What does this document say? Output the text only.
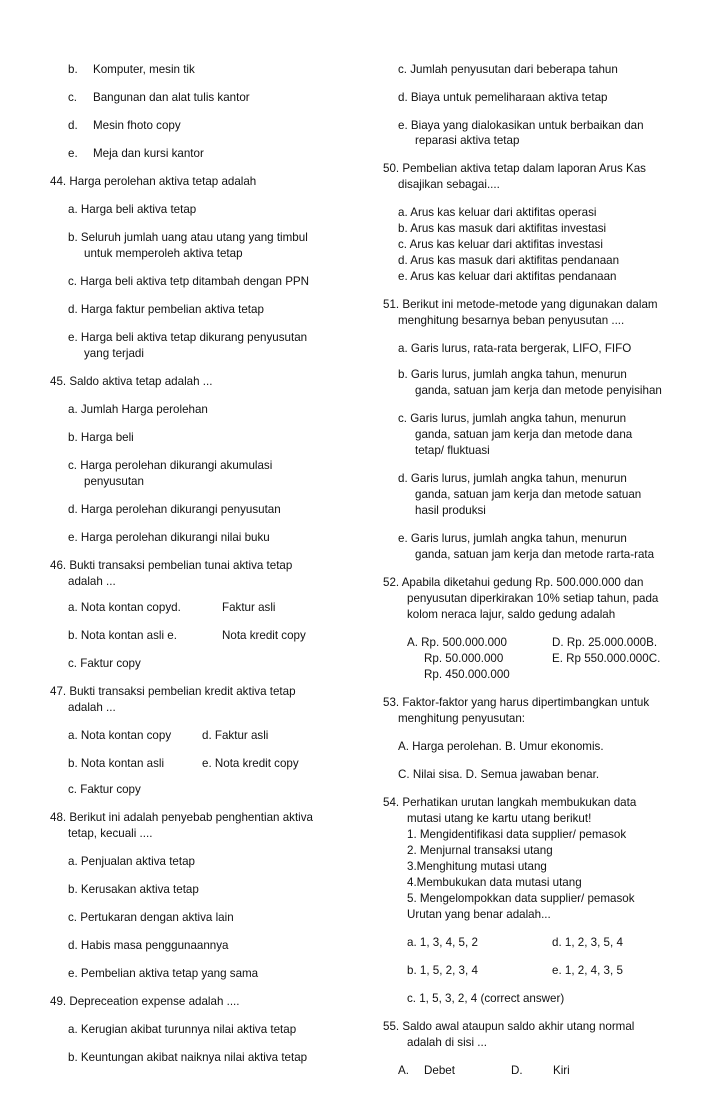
b. Komputer, mesin tik
c. Bangunan dan alat tulis kantor
d. Mesin fhoto copy
e. Meja dan kursi kantor
44. Harga perolehan aktiva tetap adalah
a. Harga beli aktiva tetap
b. Seluruh jumlah uang atau utang yang timbul
untuk memperoleh aktiva tetap
c. Harga beli aktiva tetp ditambah dengan PPN
d. Harga faktur pembelian aktiva tetap
e. Harga beli aktiva tetap dikurang penyusutan
yang terjadi
45. Saldo aktiva tetap adalah ...
a. Jumlah Harga perolehan
b. Harga beli
c. Harga perolehan dikurangi akumulasi
penyusutan
d. Harga perolehan dikurangi penyusutan
e. Harga perolehan dikurangi nilai buku
46. Bukti transaksi pembelian tunai aktiva tetap
adalah ...
a. Nota kontan copyd.	Faktur asli
b. Nota kontan asli e.	Nota kredit copy
c. Faktur copy
47. Bukti transaksi pembelian kredit aktiva tetap
adalah ...
a. Nota kontan copy	d. Faktur asli
b. Nota kontan asli	e. Nota kredit copy
c. Faktur copy
48. Berikut ini adalah penyebab penghentian aktiva
tetap, kecuali ....
a. Penjualan aktiva tetap
b. Kerusakan aktiva tetap
c. Pertukaran dengan aktiva lain
d. Habis masa penggunaannya
e. Pembelian aktiva tetap yang sama
49. Depreceation expense adalah ....
a. Kerugian akibat turunnya nilai aktiva tetap
b. Keuntungan akibat naiknya nilai aktiva tetap
c. Jumlah penyusutan dari beberapa tahun
d. Biaya untuk pemeliharaan aktiva tetap
e. Biaya yang dialokasikan untuk berbaikan dan
reparasi aktiva tetap
50. Pembelian aktiva tetap dalam laporan Arus Kas
disajikan sebagai....
a. Arus kas keluar dari aktifitas operasi
b. Arus kas masuk dari aktifitas investasi
c. Arus kas keluar dari aktifitas investasi
d. Arus kas masuk dari aktifitas pendanaan
e. Arus kas keluar dari aktifitas pendanaan
51. Berikut ini metode-metode yang digunakan dalam
menghitung besarnya beban penyusutan ....
a. Garis lurus, rata-rata bergerak, LIFO, FIFO
b. Garis lurus, jumlah angka tahun, menurun
ganda, satuan jam kerja dan metode penyisihan
c. Garis lurus, jumlah angka tahun, menurun
ganda, satuan jam kerja dan metode dana
tetap/ fluktuasi
d. Garis lurus, jumlah angka tahun, menurun
ganda, satuan jam kerja dan metode satuan
hasil produksi
e. Garis lurus, jumlah angka tahun, menurun
ganda, satuan jam kerja dan metode rarta-rata
52. Apabila diketahui gedung Rp. 500.000.000 dan
penyusutan diperkirakan 10% setiap tahun, pada
kolom neraca lajur, saldo gedung adalah
A. Rp. 500.000.000	D. Rp. 25.000.000B.
Rp. 50.000.000	E. Rp 550.000.000C.
Rp. 450.000.000
53. Faktor-faktor yang harus dipertimbangkan untuk
menghitung penyusutan:
A. Harga perolehan. B. Umur ekonomis.
C. Nilai sisa. D. Semua jawaban benar.
54. Perhatikan urutan langkah membukukan data
mutasi utang ke kartu utang berikut!
1. Mengidentifikasi data supplier/ pemasok
2. Menjurnal transaksi utang
3.Menghitung mutasi utang
4.Membukukan data mutasi utang
5. Mengelompokkan data supplier/ pemasok
Urutan yang benar adalah...
a. 1, 3, 4, 5, 2	d. 1, 2, 3, 5, 4
b. 1, 5, 2, 3, 4	e. 1, 2, 4, 3, 5
c. 1, 5, 3, 2, 4 (correct answer)
55. Saldo awal ataupun saldo akhir utang normal
adalah di sisi ...
A. Debet	D.	Kiri
